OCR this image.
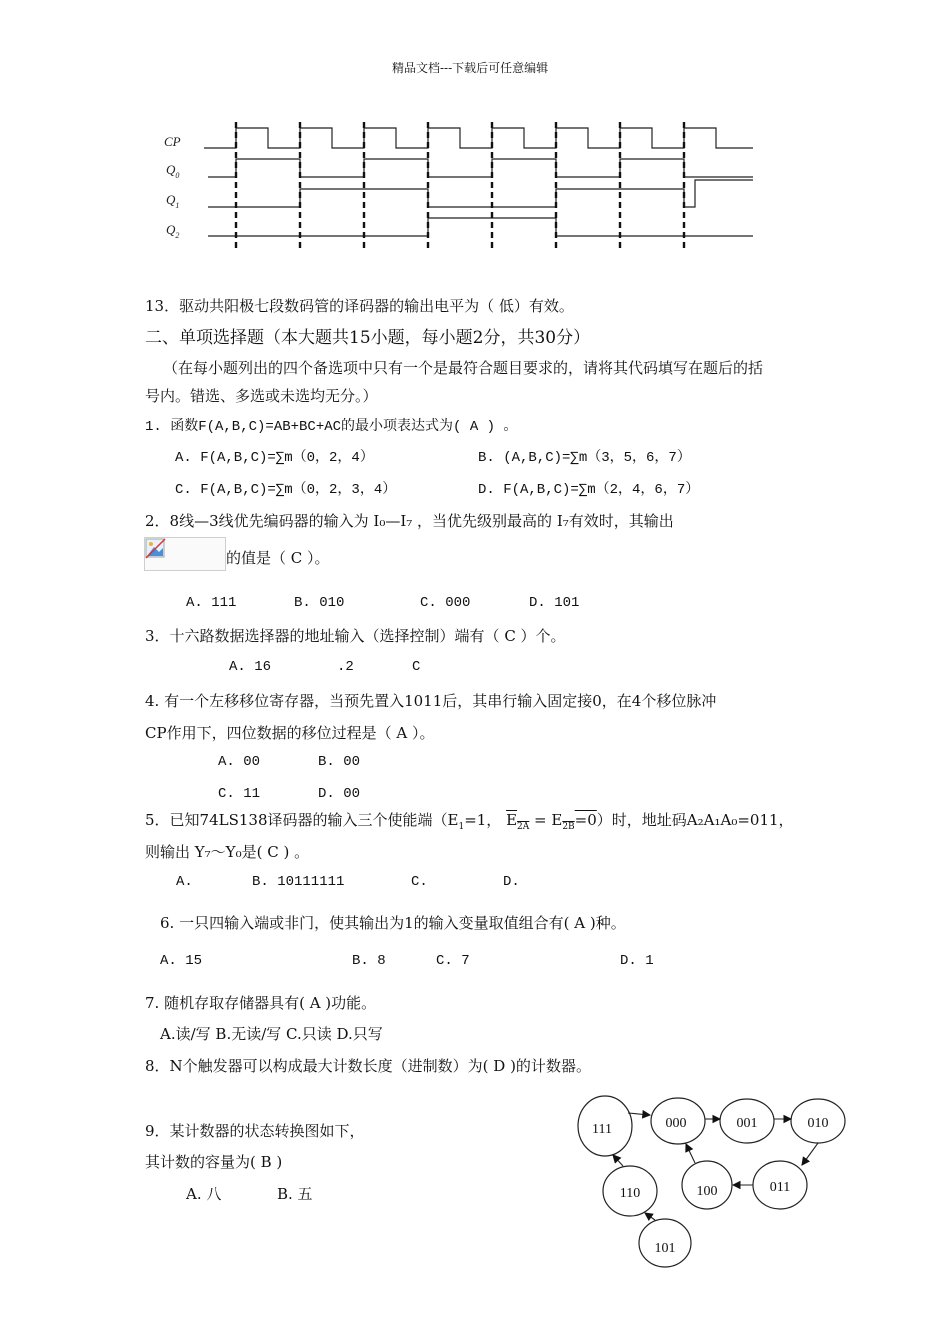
精品文档---下载后可任意编辑
CP
$Q_0$
$Q_1$
$Q_2$
13．驱动共阳极七段数码管的译码器的输出电平为（ 低）有效。
二、单项选择题（本大题共15小题，每小题2分，共30分）
（在每小题列出的四个备选项中只有一个是最符合题目要求的，请将其代码填写在题后的括
号内。错选、多选或未选均无分。）
1. 函数F(A,B,C)=AB+BC+AC的最小项表达式为( A ) 。
A. F(A,B,C)=∑m（0，2，4）	B. (A,B,C)=∑m（3，5，6，7）
C. F(A,B,C)=∑m（0，2，3，4）	D. F(A,B,C)=∑m（2，4，6，7）
2．8线—3线优先编码器的输入为 I₀—I₇ ，当优先级别最高的 I₇有效时，其输出
的值是（ C ）。
A. 111	B. 010	C. 000	D. 101
3．十六路数据选择器的地址输入（选择控制）端有（ C ）个。
A. 16	.2	C
4. 有一个左移移位寄存器，当预先置入1011后，其串行输入固定接0，在4个移位脉冲
CP作用下，四位数据的移位过程是（ A ）。
A. 00	B. 00
C. 11	D. 00
5．已知74LS138译码器的输入三个使能端（$E_1=1$， $\overline{E}_{2A} = E_{2B}=0$）时，地址码A₂A₁A₀=011，
则输出 Y₇～Y₀是( C ) 。
A.	B. 10111111	C.	D.
6. 一只四输入端或非门，使其输出为1的输入变量取值组合有( A )种。
A. 15	B. 8	C. 7	D. 1
7. 随机存取存储器具有( A )功能。
A.读/写 B.无读/写 C.只读 D.只写
8．N个触发器可以构成最大计数长度（进制数）为( D )的计数器。
9．某计数器的状态转换图如下，
其计数的容量为( B )
A. 八	B. 五
111	000	001	010
110	100	011
101
